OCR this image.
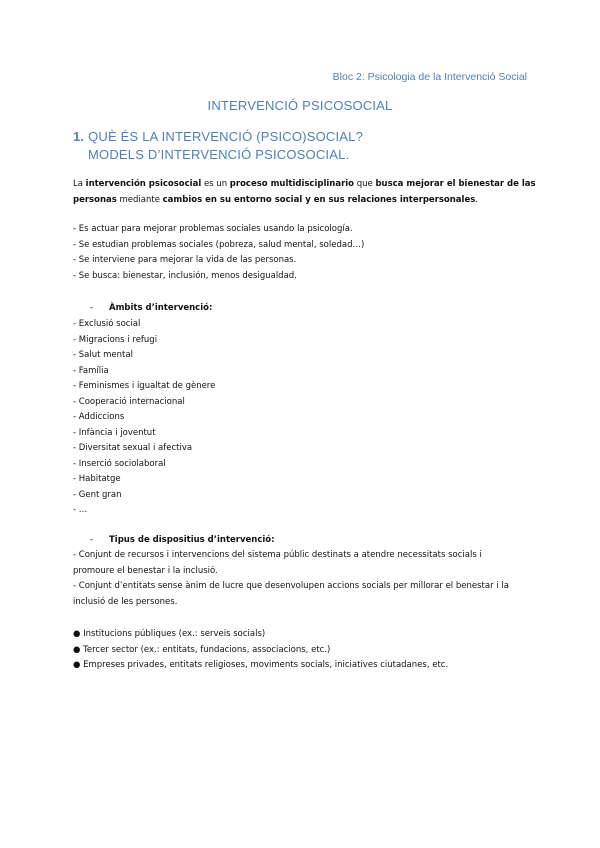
Bloc 2: Psicologia de la Intervenció Social
INTERVENCIÓ PSICOSOCIAL
1. QUÈ ÉS LA INTERVENCIÓ (PSICO)SOCIAL?
MODELS D’INTERVENCIÓ PSICOSOCIAL.
La intervención psicosocial es un proceso multidisciplinario que busca mejorar el bienestar de las
personas mediante cambios en su entorno social y en sus relaciones interpersonales.
- Es actuar para mejorar problemas sociales usando la psicología.
- Se estudian problemas sociales (pobreza, salud mental, soledad…)
- Se interviene para mejorar la vida de las personas.
- Se busca: bienestar, inclusión, menos desigualdad.
- Àmbits d’intervenció:
- Exclusió social
- Migracions i refugi
- Salut mental
- Família
- Feminismes i igualtat de gènere
- Cooperació internacional
- Addiccions
- Infància i joventut
- Diversitat sexual i afectiva
- Inserció sociolaboral
- Habitatge
- Gent gran
- …
- Tipus de dispositius d’intervenció:
- Conjunt de recursos i intervencions del sistema públic destinats a atendre necessitats socials i
promoure el benestar i la inclusió.
- Conjunt d’entitats sense ànim de lucre que desenvolupen accions socials per millorar el benestar i la
inclusió de les persones.
● Institucions públiques (ex.: serveis socials)
● Tercer sector (ex.: entitats, fundacions, associacions, etc.)
● Empreses privades, entitats religioses, moviments socials, iniciatives ciutadanes, etc.
